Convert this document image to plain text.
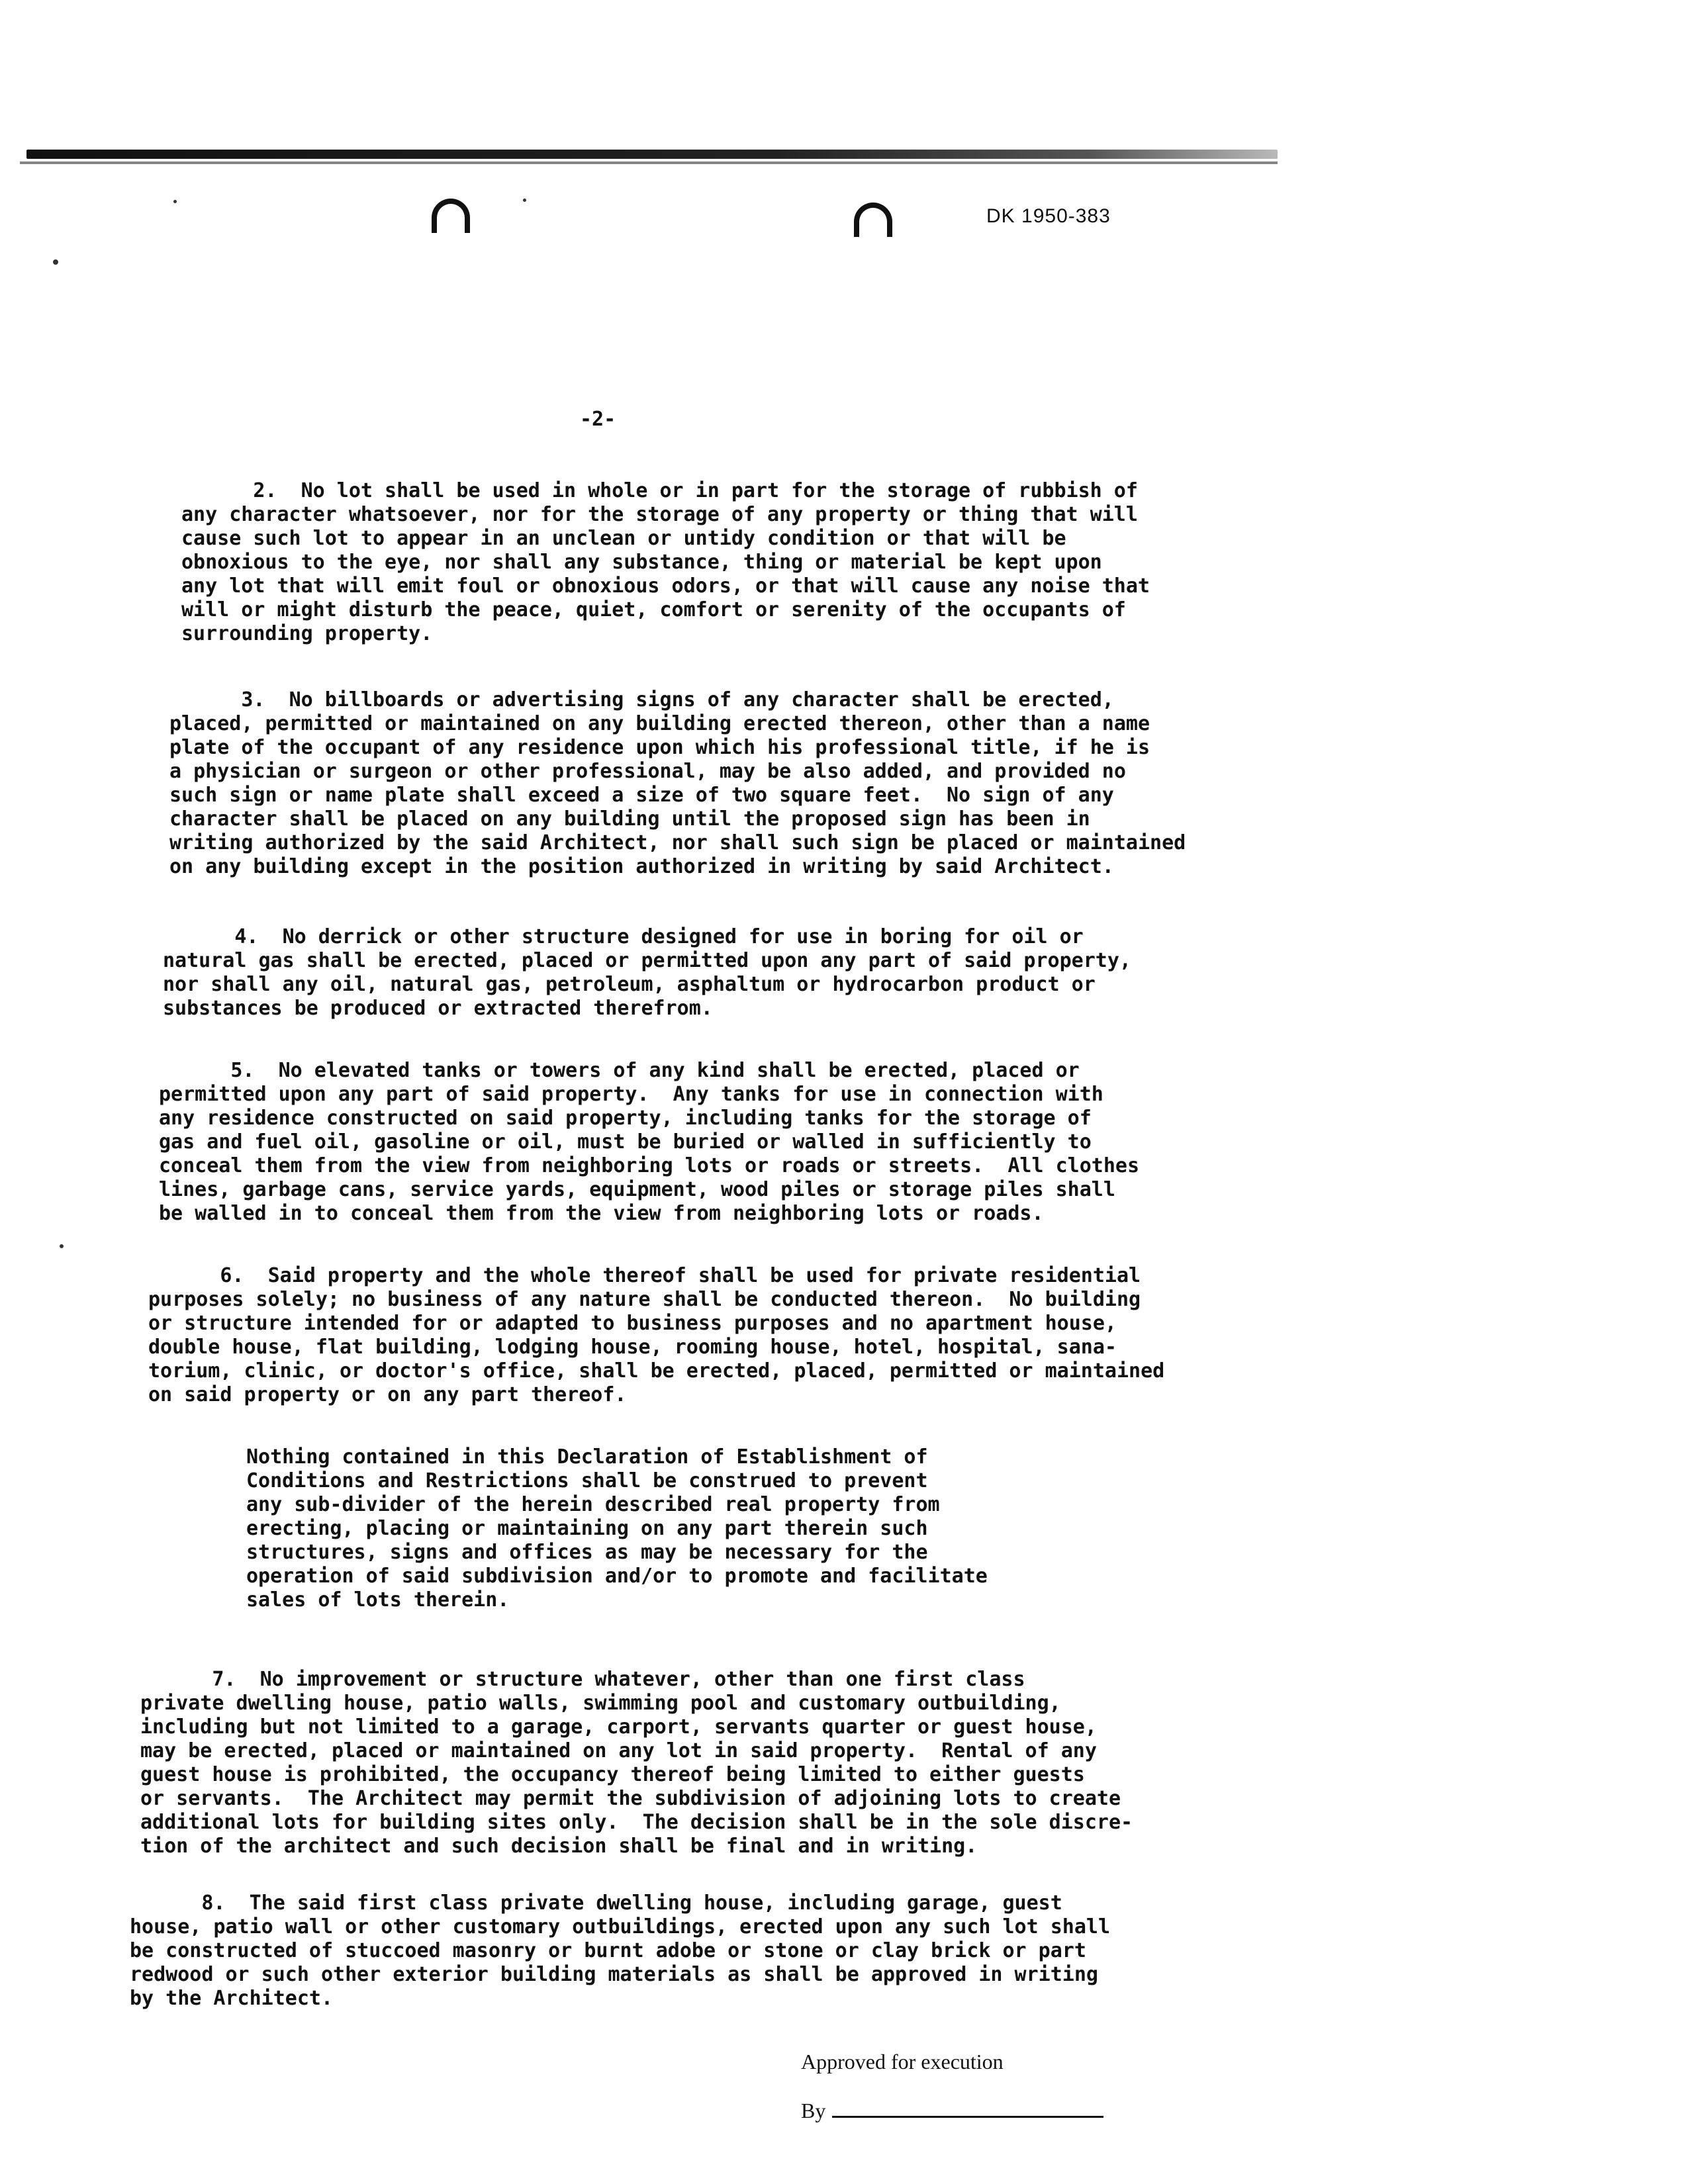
DK 1950-383
-2-
2.  No lot shall be used in whole or in part for the storage of rubbish of
any character whatsoever, nor for the storage of any property or thing that will
cause such lot to appear in an unclean or untidy condition or that will be
obnoxious to the eye, nor shall any substance, thing or material be kept upon
any lot that will emit foul or obnoxious odors, or that will cause any noise that
will or might disturb the peace, quiet, comfort or serenity of the occupants of
surrounding property.
3.  No billboards or advertising signs of any character shall be erected,
placed, permitted or maintained on any building erected thereon, other than a name
plate of the occupant of any residence upon which his professional title, if he is
a physician or surgeon or other professional, may be also added, and provided no
such sign or name plate shall exceed a size of two square feet.  No sign of any
character shall be placed on any building until the proposed sign has been in
writing authorized by the said Architect, nor shall such sign be placed or maintained
on any building except in the position authorized in writing by said Architect.
4.  No derrick or other structure designed for use in boring for oil or
natural gas shall be erected, placed or permitted upon any part of said property,
nor shall any oil, natural gas, petroleum, asphaltum or hydrocarbon product or
substances be produced or extracted therefrom.
5.  No elevated tanks or towers of any kind shall be erected, placed or
permitted upon any part of said property.  Any tanks for use in connection with
any residence constructed on said property, including tanks for the storage of
gas and fuel oil, gasoline or oil, must be buried or walled in sufficiently to
conceal them from the view from neighboring lots or roads or streets.  All clothes
lines, garbage cans, service yards, equipment, wood piles or storage piles shall
be walled in to conceal them from the view from neighboring lots or roads.
6.  Said property and the whole thereof shall be used for private residential
purposes solely; no business of any nature shall be conducted thereon.  No building
or structure intended for or adapted to business purposes and no apartment house,
double house, flat building, lodging house, rooming house, hotel, hospital, sana-
torium, clinic, or doctor's office, shall be erected, placed, permitted or maintained
on said property or on any part thereof.
Nothing contained in this Declaration of Establishment of
Conditions and Restrictions shall be construed to prevent
any sub-divider of the herein described real property from
erecting, placing or maintaining on any part therein such
structures, signs and offices as may be necessary for the
operation of said subdivision and/or to promote and facilitate
sales of lots therein.
7.  No improvement or structure whatever, other than one first class
private dwelling house, patio walls, swimming pool and customary outbuilding,
including but not limited to a garage, carport, servants quarter or guest house,
may be erected, placed or maintained on any lot in said property.  Rental of any
guest house is prohibited, the occupancy thereof being limited to either guests
or servants.  The Architect may permit the subdivision of adjoining lots to create
additional lots for building sites only.  The decision shall be in the sole discre-
tion of the architect and such decision shall be final and in writing.
8.  The said first class private dwelling house, including garage, guest
house, patio wall or other customary outbuildings, erected upon any such lot shall
be constructed of stuccoed masonry or burnt adobe or stone or clay brick or part
redwood or such other exterior building materials as shall be approved in writing
by the Architect.
Approved for execution
By
